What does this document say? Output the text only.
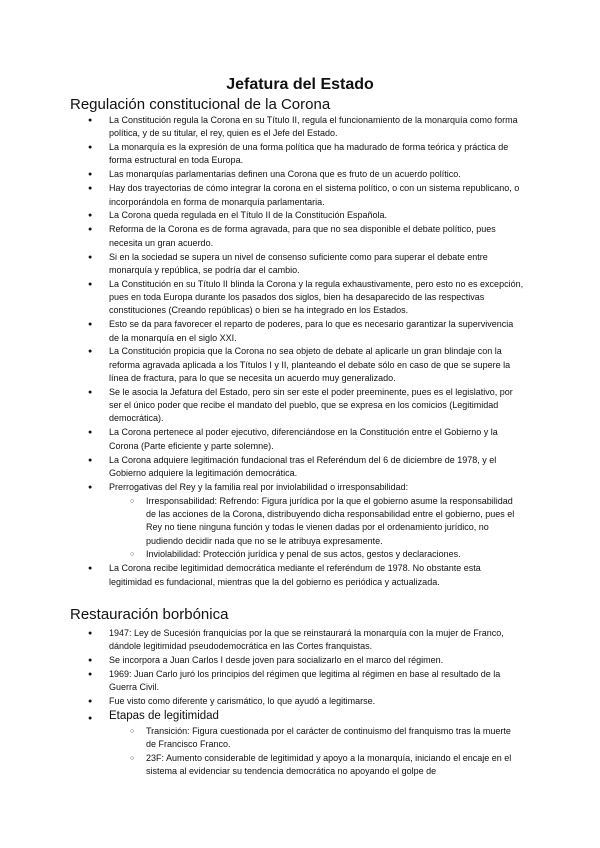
Jefatura del Estado
Regulación constitucional de la Corona
● La Constitución regula la Corona en su Título II, regula el funcionamiento de la monarquía como forma política, y de su titular, el rey, quien es el Jefe del Estado.
● La monarquía es la expresión de una forma política que ha madurado de forma teórica y práctica de forma estructural en toda Europa.
● Las monarquías parlamentarias definen una Corona que es fruto de un acuerdo político.
● Hay dos trayectorias de cómo integrar la corona en el sistema político, o con un sistema republicano, o incorporándola en forma de monarquía parlamentaria.
● La Corona queda regulada en el Título II de la Constitución Española.
● Reforma de la Corona es de forma agravada, para que no sea disponible el debate político, pues necesita un gran acuerdo.
● Si en la sociedad se supera un nivel de consenso suficiente como para superar el debate entre monarquía y república, se podría dar el cambio.
● La Constitución en su Título II blinda la Corona y la regula exhaustivamente, pero esto no es excepción, pues en toda Europa durante los pasados dos siglos, bien ha desaparecido de las respectivas constituciones (Creando repúblicas) o bien se ha integrado en los Estados.
● Esto se da para favorecer el reparto de poderes, para lo que es necesario garantizar la supervivencia de la monarquía en el siglo XXI.
● La Constitución propicia que la Corona no sea objeto de debate al aplicarle un gran blindaje con la reforma agravada aplicada a los Títulos I y II, planteando el debate sólo en caso de que se supere la línea de fractura, para lo que se necesita un acuerdo muy generalizado.
● Se le asocia la Jefatura del Estado, pero sin ser este el poder preeminente, pues es el legislativo, por ser el único poder que recibe el mandato del pueblo, que se expresa en los comicios (Legitimidad democrática).
● La Corona pertenece al poder ejecutivo, diferenciándose en la Constitución entre el Gobierno y la Corona (Parte eficiente y parte solemne).
● La Corona adquiere legitimación fundacional tras el Referéndum del 6 de diciembre de 1978, y el Gobierno adquiere la legitimación democrática.
● Prerrogativas del Rey y la familia real por inviolabilidad o irresponsabilidad:
○ Irresponsabilidad: Refrendo: Figura jurídica por la que el gobierno asume la responsabilidad de las acciones de la Corona, distribuyendo dicha responsabilidad entre el gobierno, pues el Rey no tiene ninguna función y todas le vienen dadas por el ordenamiento jurídico, no pudiendo decidir nada que no se le atribuya expresamente.
○ Inviolabilidad: Protección jurídica y penal de sus actos, gestos y declaraciones.
● La Corona recibe legitimidad democrática mediante el referéndum de 1978. No obstante esta legitimidad es fundacional, mientras que la del gobierno es periódica y actualizada.
Restauración borbónica
● 1947: Ley de Sucesión franquicias por la que se reinstaurará la monarquía con la mujer de Franco, dándole legitimidad pseudodemocrática en las Cortes franquistas.
● Se incorpora a Juan Carlos I desde joven para socializarlo en el marco del régimen.
● 1969: Juan Carlo juró los principios del régimen que legitima al régimen en base al resultado de la Guerra Civil.
● Fue visto como diferente y carismático, lo que ayudó a legitimarse.
● Etapas de legitimidad
○ Transición: Figura cuestionada por el carácter de continuismo del franquismo tras la muerte de Francisco Franco.
○ 23F: Aumento considerable de legitimidad y apoyo a la monarquía, iniciando el encaje en el sistema al evidenciar su tendencia democrática no apoyando el golpe de
